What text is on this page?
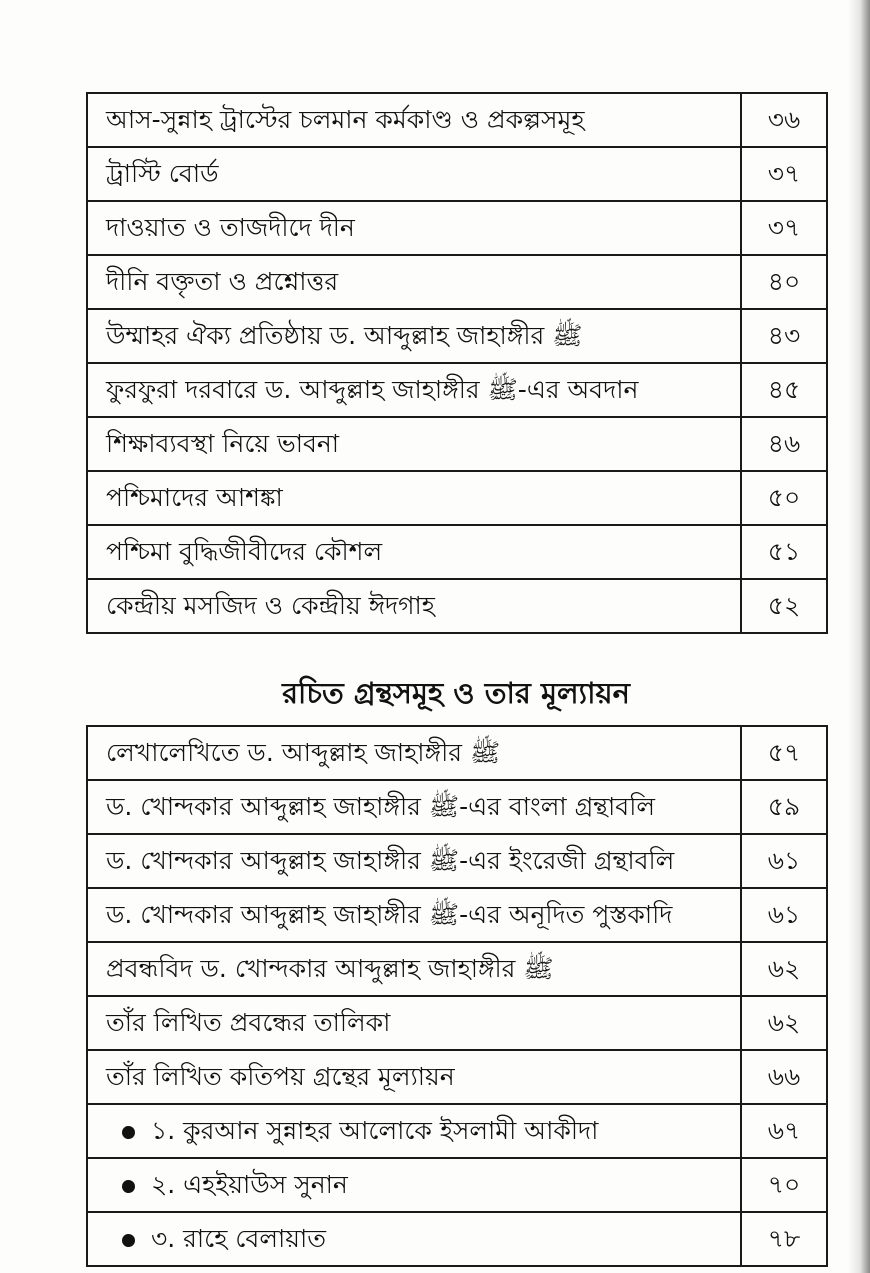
আস-সুন্নাহ ট্রাস্টের চলমান কর্মকাণ্ড ও প্রকল্পসমূহ	৩৬
ট্রাস্টি বোর্ড	৩৭
দাওয়াত ও তাজদীদে দীন	৩৭
দীনি বক্তৃতা ও প্রশ্নোত্তর	৪০
উম্মাহর ঐক্য প্রতিষ্ঠায় ড. আব্দুল্লাহ জাহাঙ্গীর ﷺ	৪৩
ফুরফুরা দরবারে ড. আব্দুল্লাহ জাহাঙ্গীর ﷺ-এর অবদান	৪৫
শিক্ষাব্যবস্থা নিয়ে ভাবনা	৪৬
পশ্চিমাদের আশঙ্কা	৫০
পশ্চিমা বুদ্ধিজীবীদের কৌশল	৫১
কেন্দ্রীয় মসজিদ ও কেন্দ্রীয় ঈদগাহ	৫২
রচিত গ্রন্থসমূহ ও তার মূল্যায়ন
লেখালেখিতে ড. আব্দুল্লাহ জাহাঙ্গীর ﷺ	৫৭
ড. খোন্দকার আব্দুল্লাহ জাহাঙ্গীর ﷺ-এর বাংলা গ্রন্থাবলি	৫৯
ড. খোন্দকার আব্দুল্লাহ জাহাঙ্গীর ﷺ-এর ইংরেজী গ্রন্থাবলি	৬১
ড. খোন্দকার আব্দুল্লাহ জাহাঙ্গীর ﷺ-এর অনূদিত পুস্তকাদি	৬১
প্রবন্ধবিদ ড. খোন্দকার আব্দুল্লাহ জাহাঙ্গীর ﷺ	৬২
তাঁর লিখিত প্রবন্ধের তালিকা	৬২
তাঁর লিখিত কতিপয় গ্রন্থের মূল্যায়ন	৬৬
১. কুরআন সুন্নাহর আলোকে ইসলামী আকীদা	৬৭
২. এহইয়াউস সুনান	৭০
৩. রাহে বেলায়াত	৭৮
